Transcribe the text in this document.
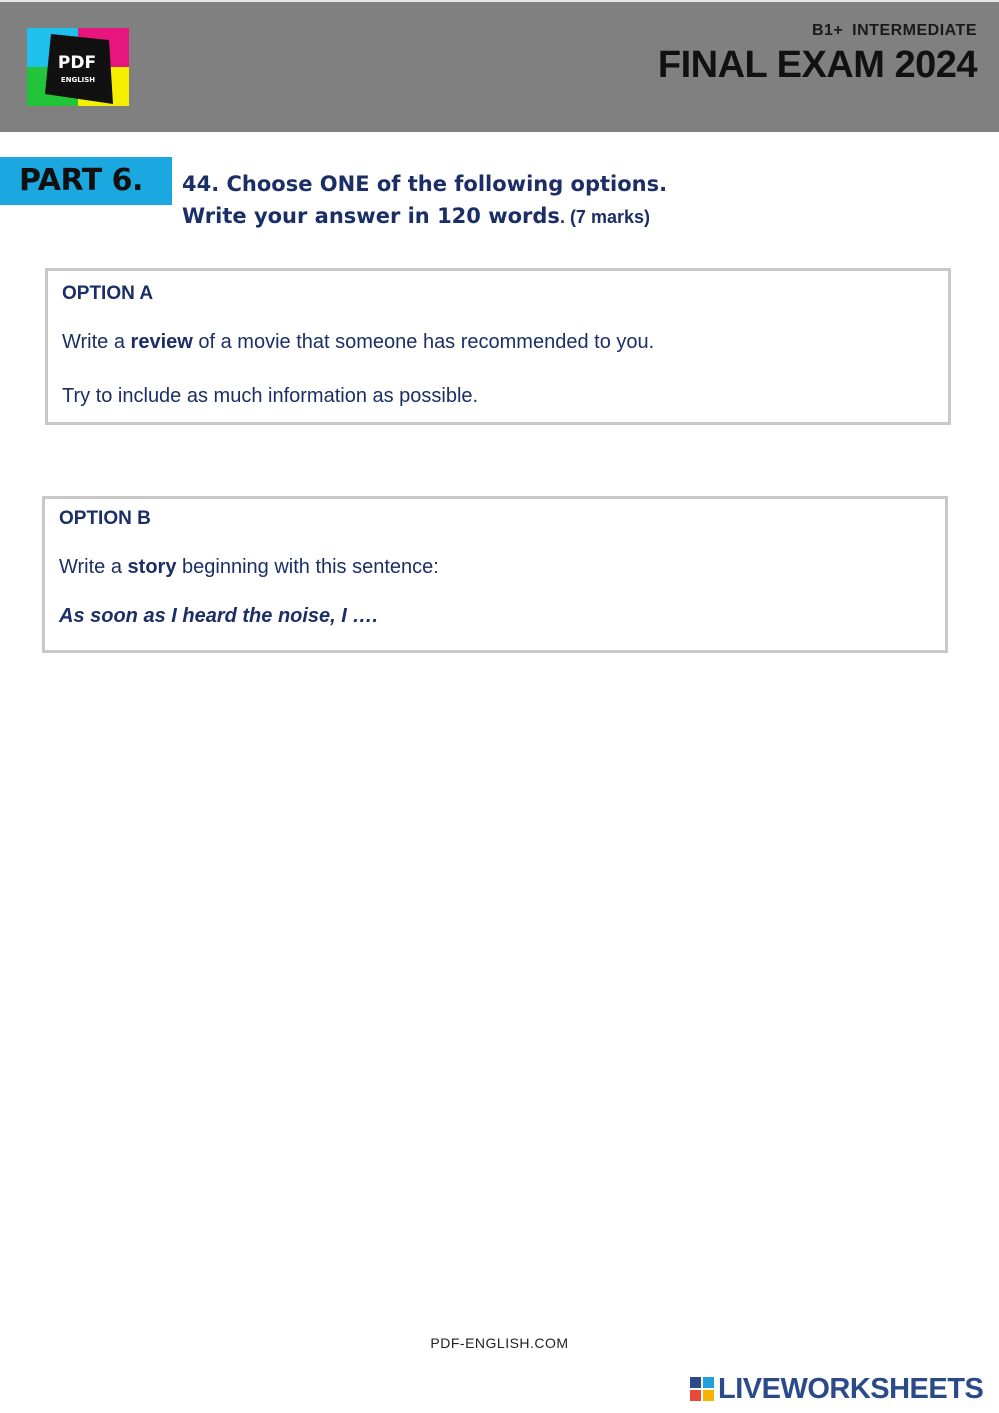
PDF
ENGLISH
B1+ INTERMEDIATE
FINAL EXAM 2024
PART 6. 44. Choose ONE of the following options.
Write your answer in 120 words. (7 marks)
OPTION A
Write a review of a movie that someone has recommended to you.
Try to include as much information as possible.
OPTION B
Write a story beginning with this sentence:
As soon as I heard the noise, I ….
PDF-ENGLISH.COM
LIVEWORKSHEETS
